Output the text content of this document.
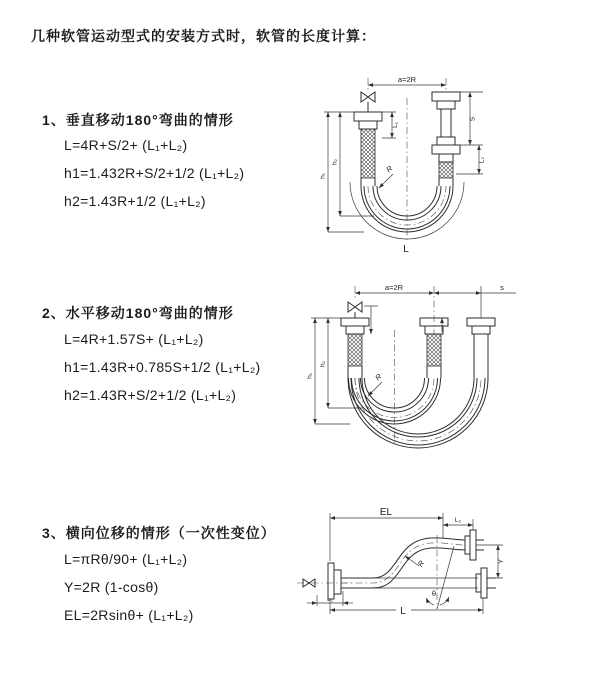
几种软管运动型式的安装方式时，软管的长度计算：
1、垂直移动180°弯曲的情形
L=4R+S/2+ (L₁+L₂)
h1=1.432R+S/2+1/2 (L₁+L₂)
h2=1.43R+1/2 (L₁+L₂)
2、水平移动180°弯曲的情形
L=4R+1.57S+ (L₁+L₂)
h1=1.43R+0.785S+1/2 (L₁+L₂)
h2=1.43R+S/2+1/2 (L₁+L₂)
3、横向位移的情形（一次性变位）
L=πRθ/90+ (L₁+L₂)
Y=2R (1-cosθ)
EL=2Rsinθ+ (L₁+L₂)
a=2R
L₁
S
L₂
h₂
h₁
L
R
a=2R	s
h₂
h₁	R
EL
L₂
Y
θ
R
L₁
L
